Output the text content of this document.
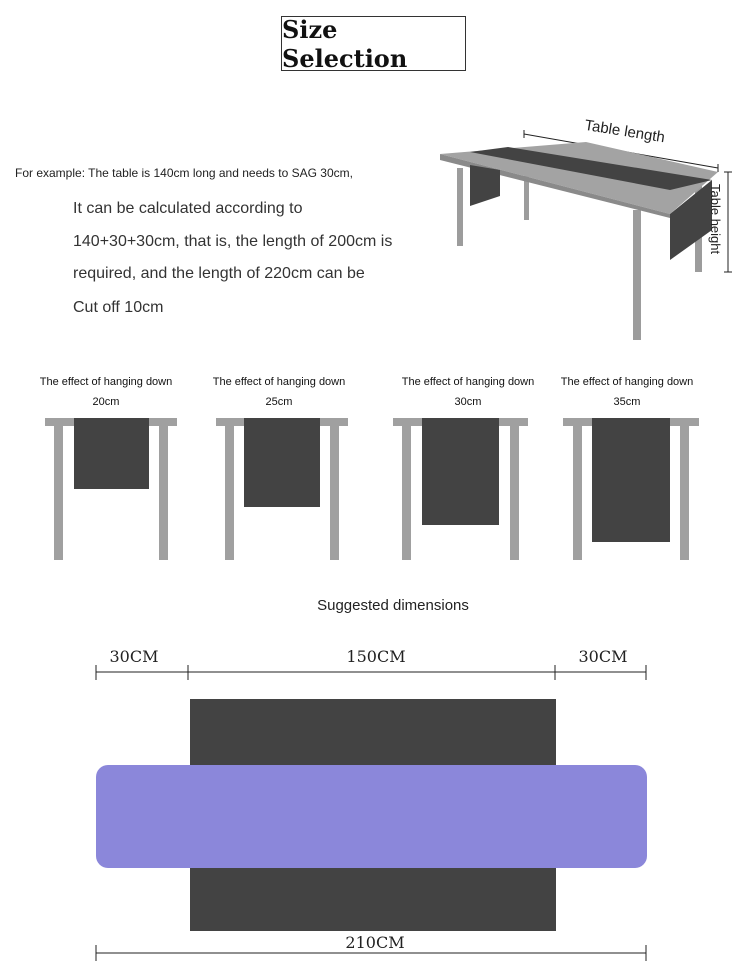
Size Selection
For example: The table is 140cm long and needs to SAG 30cm,
It can be calculated according to
140+30+30cm, that is, the length of 200cm is
required, and the length of 220cm can be
Cut off 10cm
Table length
Table height
The effect of hanging down
20cm
The effect of hanging down
25cm
The effect of hanging down
30cm
The effect of hanging down
35cm
Suggested dimensions
30CM	150CM	30CM
210CM
